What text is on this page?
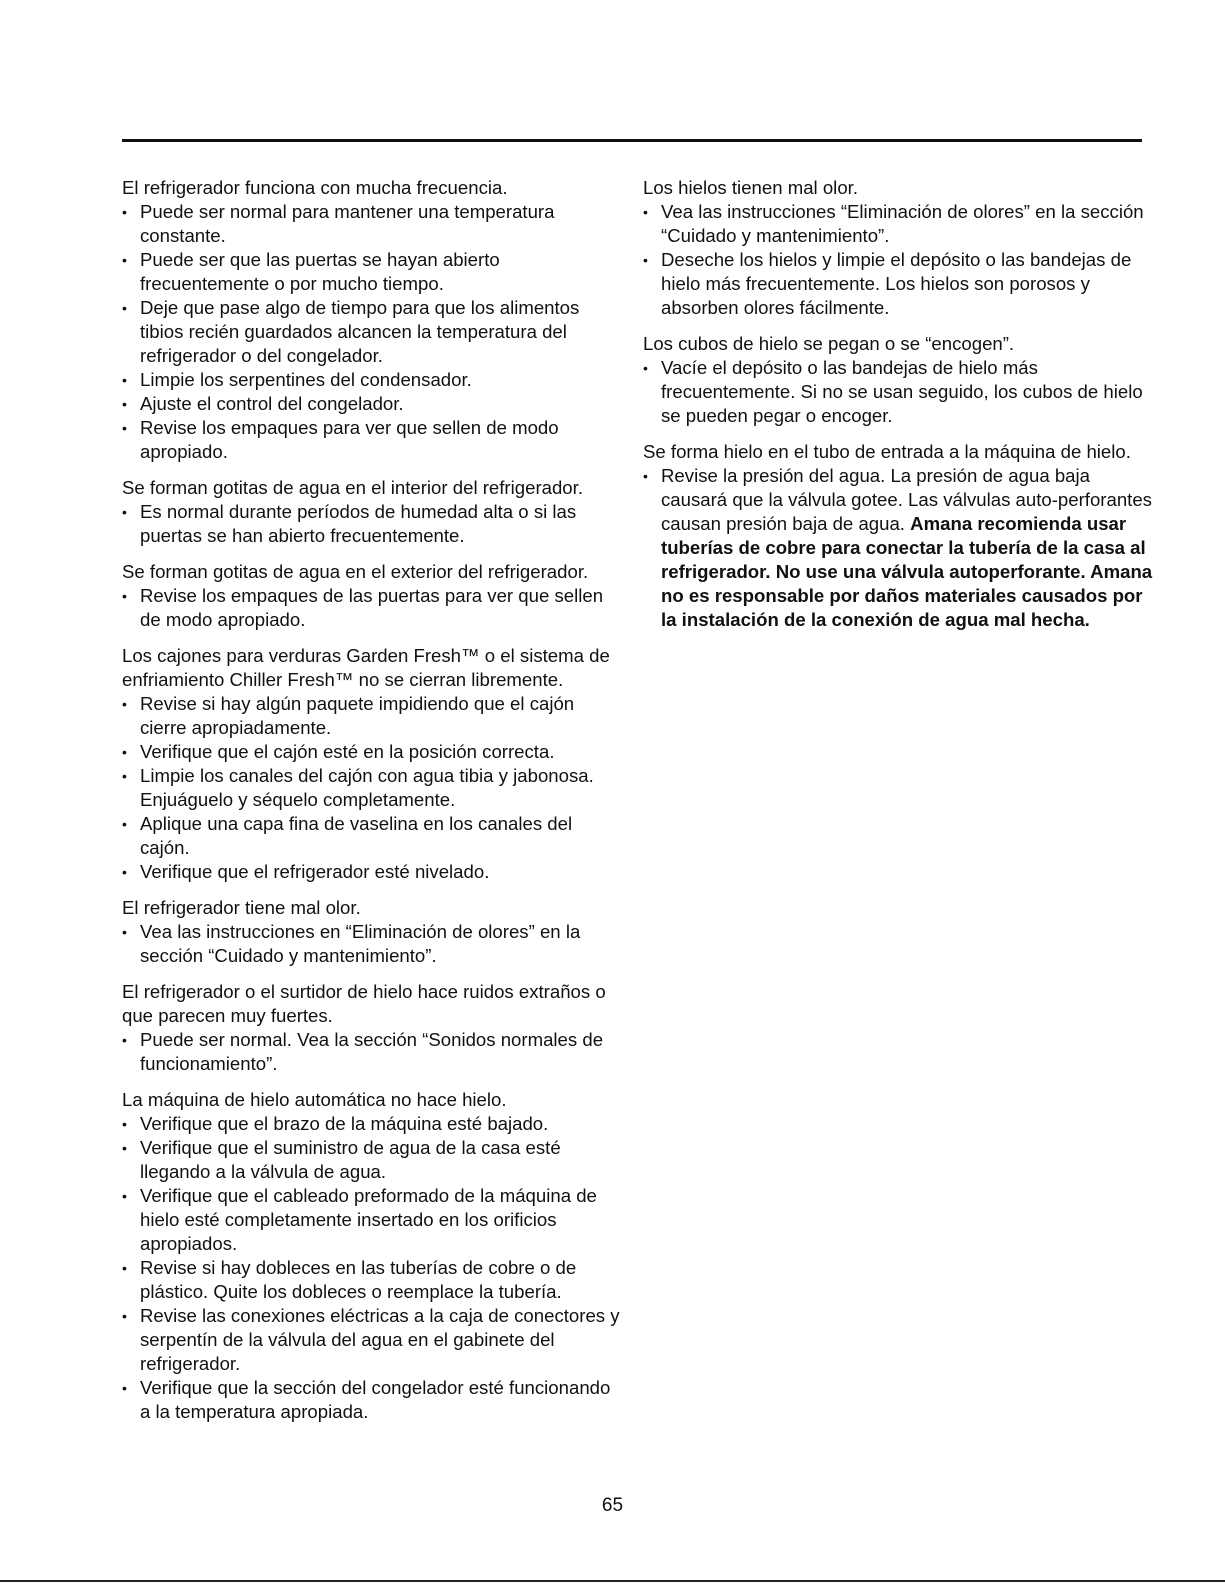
El refrigerador funciona con mucha frecuencia.

• Puede ser normal para mantener una temperatura constante.
• Puede ser que las puertas se hayan abierto frecuentemente o por mucho tiempo.
• Deje que pase algo de tiempo para que los alimentos tibios recién guardados alcancen la temperatura del refrigerador o del congelador.
• Limpie los serpentines del condensador.
• Ajuste el control del congelador.
• Revise los empaques para ver que sellen de modo apropiado.

Se forman gotitas de agua en el interior del refrigerador.

• Es normal durante períodos de humedad alta o si las puertas se han abierto frecuentemente.

Se forman gotitas de agua en el exterior del refrigerador.

• Revise los empaques de las puertas para ver que sellen de modo apropiado.

Los cajones para verduras Garden Fresh™ o el sistema de enfriamiento Chiller Fresh™ no se cierran libremente.

• Revise si hay algún paquete impidiendo que el cajón cierre apropiadamente.
• Verifique que el cajón esté en la posición correcta.
• Limpie los canales del cajón con agua tibia y jabonosa. Enjuáguelo y séquelo completamente.
• Aplique una capa fina de vaselina en los canales del cajón.
• Verifique que el refrigerador esté nivelado.

El refrigerador tiene mal olor.

• Vea las instrucciones en “Eliminación de olores” en la sección “Cuidado y mantenimiento”.

El refrigerador o el surtidor de hielo hace ruidos extraños o que parecen muy fuertes.

• Puede ser normal. Vea la sección “Sonidos normales de funcionamiento”.

La máquina de hielo automática no hace hielo.

• Verifique que el brazo de la máquina esté bajado.
• Verifique que el suministro de agua de la casa esté llegando a la válvula de agua.
• Verifique que el cableado preformado de la máquina de hielo esté completamente insertado en los orificios apropiados.
• Revise si hay dobleces en las tuberías de cobre o de plástico. Quite los dobleces o reemplace la tubería.
• Revise las conexiones eléctricas a la caja de conectores y serpentín de la válvula del agua en el gabinete del refrigerador.
• Verifique que la sección del congelador esté funcionando a la temperatura apropiada.

Los hielos tienen mal olor.

• Vea las instrucciones “Eliminación de olores” en la sección “Cuidado y mantenimiento”.
• Deseche los hielos y limpie el depósito o las bandejas de hielo más frecuentemente. Los hielos son porosos y absorben olores fácilmente.

Los cubos de hielo se pegan o se “encogen”.

• Vacíe el depósito o las bandejas de hielo más frecuentemente. Si no se usan seguido, los cubos de hielo se pueden pegar o encoger.

Se forma hielo en el tubo de entrada a la máquina de hielo.

• Revise la presión del agua. La presión de agua baja causará que la válvula gotee. Las válvulas auto-perforantes causan presión baja de agua. Amana recomienda usar tuberías de cobre para conectar la tubería de la casa al refrigerador. No use una válvula autoperforante. Amana no es responsable por daños materiales causados por la instalación de la conexión de agua mal hecha.
65
